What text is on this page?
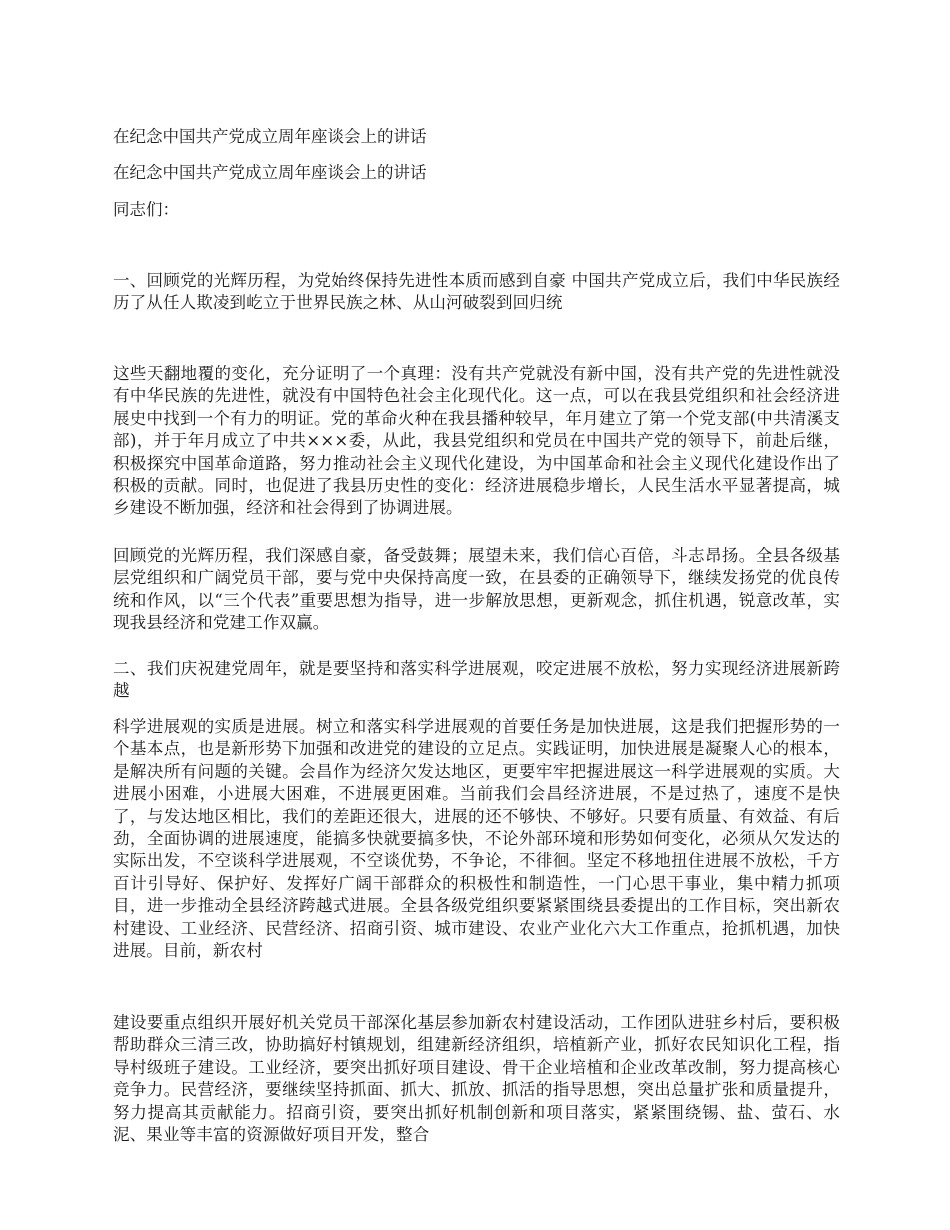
在纪念中国共产党成立周年座谈会上的讲话

在纪念中国共产党成立周年座谈会上的讲话

同志们：

一、回顾党的光辉历程，为党始终保持先进性本质而感到自豪 中国共产党成立后，我们中华民族经历了从任人欺凌到屹立于世界民族之林、从山河破裂到回归统

这些天翻地覆的变化，充分证明了一个真理：没有共产党就没有新中国，没有共产党的先进性就没有中华民族的先进性，就没有中国特色社会主化现代化。这一点，可以在我县党组织和社会经济进展史中找到一个有力的明证。党的革命火种在我县播种较早，年月建立了第一个党支部(中共清溪支部)，并于年月成立了中共×××委，从此，我县党组织和党员在中国共产党的领导下，前赴后继，积极探究中国革命道路，努力推动社会主义现代化建设，为中国革命和社会主义现代化建设作出了积极的贡献。同时，也促进了我县历史性的变化：经济进展稳步增长，人民生活水平显著提高，城乡建设不断加强，经济和社会得到了协调进展。

回顾党的光辉历程，我们深感自豪，备受鼓舞；展望未来，我们信心百倍，斗志昂扬。全县各级基层党组织和广阔党员干部，要与党中央保持高度一致，在县委的正确领导下，继续发扬党的优良传统和作风，以“三个代表”重要思想为指导，进一步解放思想，更新观念，抓住机遇，锐意改革，实现我县经济和党建工作双赢。

二、我们庆祝建党周年，就是要坚持和落实科学进展观，咬定进展不放松，努力实现经济进展新跨越

科学进展观的实质是进展。树立和落实科学进展观的首要任务是加快进展，这是我们把握形势的一个基本点，也是新形势下加强和改进党的建设的立足点。实践证明，加快进展是凝聚人心的根本，是解决所有问题的关键。会昌作为经济欠发达地区，更要牢牢把握进展这一科学进展观的实质。大进展小困难，小进展大困难，不进展更困难。当前我们会昌经济进展，不是过热了，速度不是快了，与发达地区相比，我们的差距还很大，进展的还不够快、不够好。只要有质量、有效益、有后劲，全面协调的进展速度，能搞多快就要搞多快，不论外部环境和形势如何变化，必须从欠发达的实际出发，不空谈科学进展观，不空谈优势，不争论，不徘徊。坚定不移地扭住进展不放松，千方百计引导好、保护好、发挥好广阔干部群众的积极性和制造性，一门心思干事业，集中精力抓项目，进一步推动全县经济跨越式进展。全县各级党组织要紧紧围绕县委提出的工作目标，突出新农村建设、工业经济、民营经济、招商引资、城市建设、农业产业化六大工作重点，抢抓机遇，加快进展。目前，新农村

建设要重点组织开展好机关党员干部深化基层参加新农村建设活动，工作团队进驻乡村后，要积极帮助群众三清三改，协助搞好村镇规划，组建新经济组织，培植新产业，抓好农民知识化工程，指导村级班子建设。工业经济，要突出抓好项目建设、骨干企业培植和企业改革改制，努力提高核心竞争力。民营经济，要继续坚持抓面、抓大、抓放、抓活的指导思想，突出总量扩张和质量提升，努力提高其贡献能力。招商引资，要突出抓好机制创新和项目落实，紧紧围绕锡、盐、萤石、水泥、果业等丰富的资源做好项目开发，整合
